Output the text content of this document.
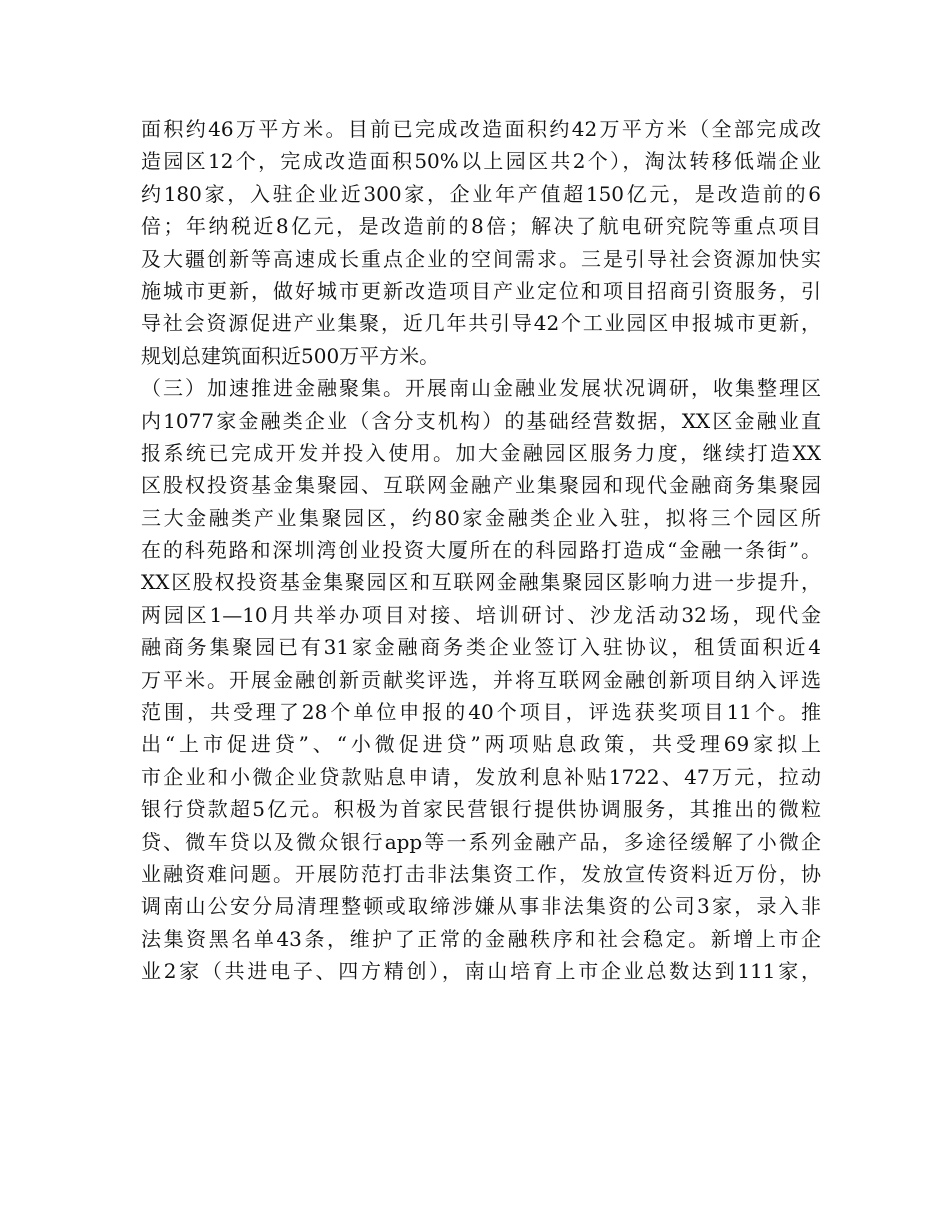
面积约46万平方米。目前已完成改造面积约42万平方米（全部完成改
造园区12个，完成改造面积50%以上园区共2个），淘汰转移低端企业
约180家，入驻企业近300家，企业年产值超150亿元，是改造前的6
倍；年纳税近8亿元，是改造前的8倍；解决了航电研究院等重点项目
及大疆创新等高速成长重点企业的空间需求。三是引导社会资源加快实
施城市更新，做好城市更新改造项目产业定位和项目招商引资服务，引
导社会资源促进产业集聚，近几年共引导42个工业园区申报城市更新，
规划总建筑面积近500万平方米。
（三）加速推进金融聚集。开展南山金融业发展状况调研，收集整理区
内1077家金融类企业（含分支机构）的基础经营数据，XX区金融业直
报系统已完成开发并投入使用。加大金融园区服务力度，继续打造XX
区股权投资基金集聚园、互联网金融产业集聚园和现代金融商务集聚园
三大金融类产业集聚园区，约80家金融类企业入驻，拟将三个园区所
在的科苑路和深圳湾创业投资大厦所在的科园路打造成“金融一条街”。
XX区股权投资基金集聚园区和互联网金融集聚园区影响力进一步提升，
两园区1—10月共举办项目对接、培训研讨、沙龙活动32场，现代金
融商务集聚园已有31家金融商务类企业签订入驻协议，租赁面积近4
万平米。开展金融创新贡献奖评选，并将互联网金融创新项目纳入评选
范围，共受理了28个单位申报的40个项目，评选获奖项目11个。推
出“上市促进贷”、“小微促进贷”两项贴息政策，共受理69家拟上
市企业和小微企业贷款贴息申请，发放利息补贴1722、47万元，拉动
银行贷款超5亿元。积极为首家民营银行提供协调服务，其推出的微粒
贷、微车贷以及微众银行app等一系列金融产品，多途径缓解了小微企
业融资难问题。开展防范打击非法集资工作，发放宣传资料近万份，协
调南山公安分局清理整顿或取缔涉嫌从事非法集资的公司3家，录入非
法集资黑名单43条，维护了正常的金融秩序和社会稳定。新增上市企
业2家（共进电子、四方精创），南山培育上市企业总数达到111家，
